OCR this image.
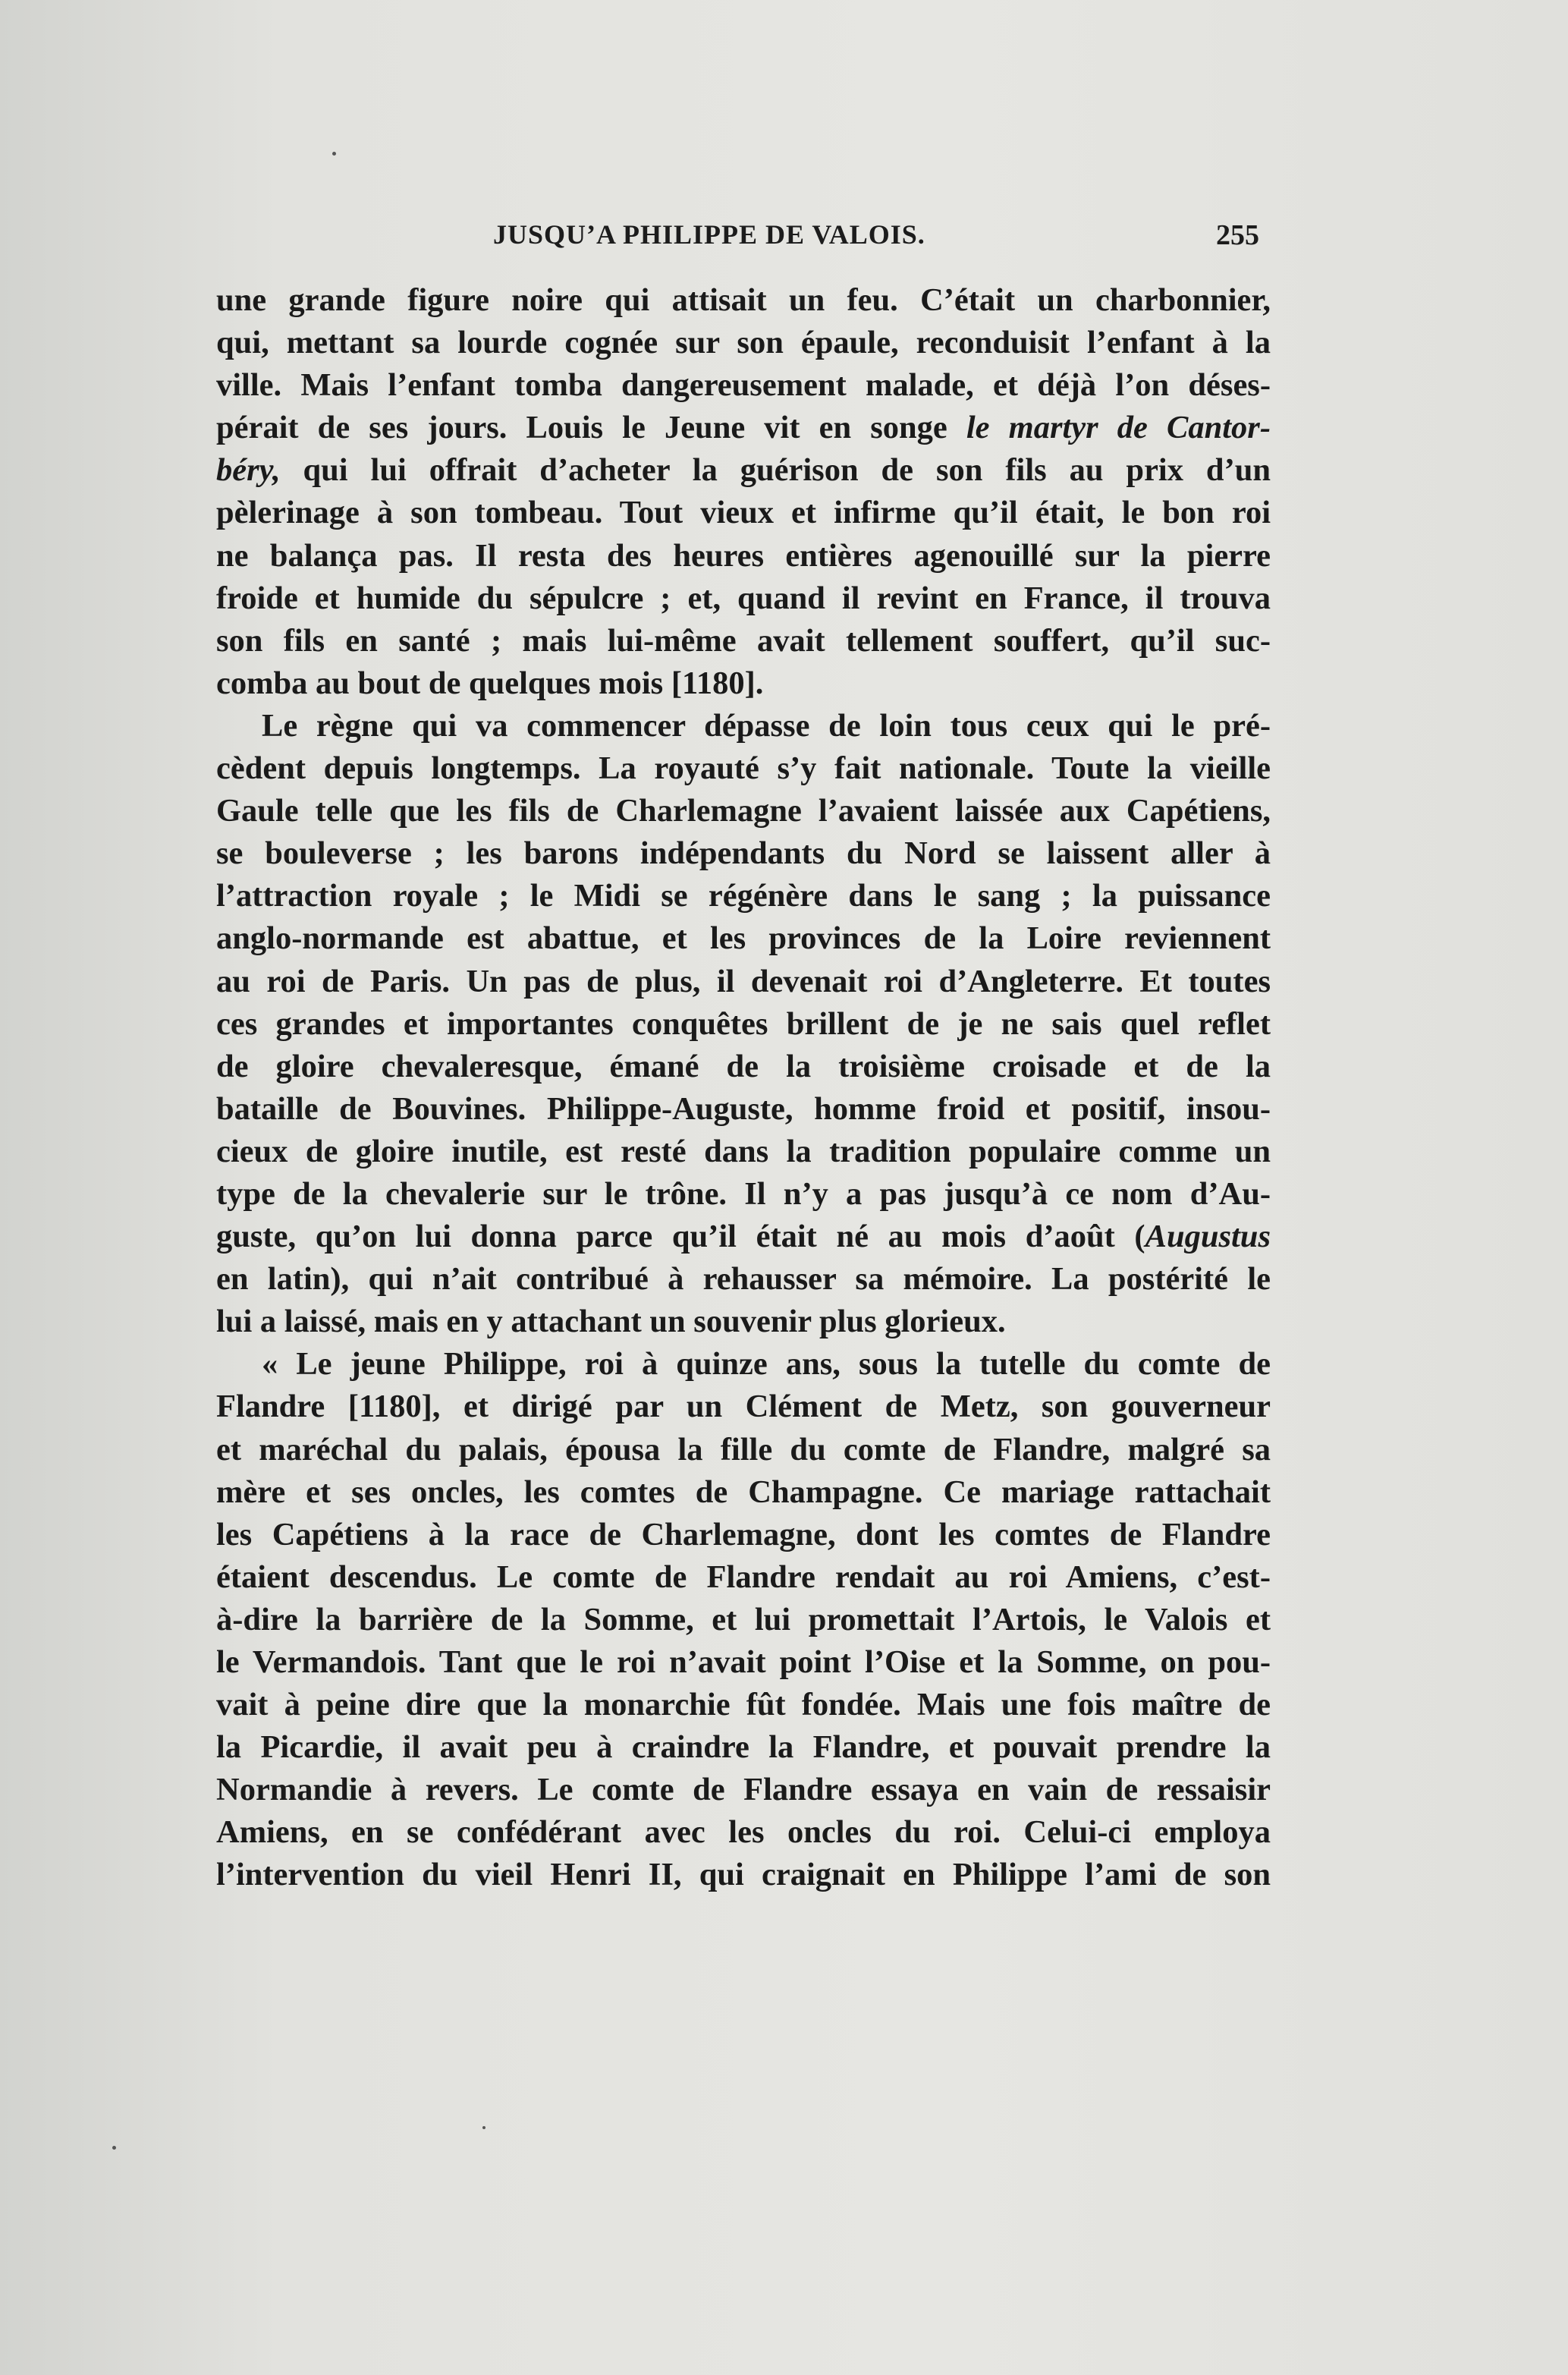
JUSQU’A PHILIPPE DE VALOIS.	255
une grande figure noire qui attisait un feu. C’était un charbonnier,
qui, mettant sa lourde cognée sur son épaule, reconduisit l’enfant à la
ville. Mais l’enfant tomba dangereusement malade, et déjà l’on déses-
pérait de ses jours. Louis le Jeune vit en songe le martyr de Cantor-
béry, qui lui offrait d’acheter la guérison de son fils au prix d’un
pèlerinage à son tombeau. Tout vieux et infirme qu’il était, le bon roi
ne balança pas. Il resta des heures entières agenouillé sur la pierre
froide et humide du sépulcre ; et, quand il revint en France, il trouva
son fils en santé ; mais lui-même avait tellement souffert, qu’il suc-
comba au bout de quelques mois [1180].
Le règne qui va commencer dépasse de loin tous ceux qui le pré-
cèdent depuis longtemps. La royauté s’y fait nationale. Toute la vieille
Gaule telle que les fils de Charlemagne l’avaient laissée aux Capétiens,
se bouleverse ; les barons indépendants du Nord se laissent aller à
l’attraction royale ; le Midi se régénère dans le sang ; la puissance
anglo-normande est abattue, et les provinces de la Loire reviennent
au roi de Paris. Un pas de plus, il devenait roi d’Angleterre. Et toutes
ces grandes et importantes conquêtes brillent de je ne sais quel reflet
de gloire chevaleresque, émané de la troisième croisade et de la
bataille de Bouvines. Philippe-Auguste, homme froid et positif, insou-
cieux de gloire inutile, est resté dans la tradition populaire comme un
type de la chevalerie sur le trône. Il n’y a pas jusqu’à ce nom d’Au-
guste, qu’on lui donna parce qu’il était né au mois d’août (Augustus
en latin), qui n’ait contribué à rehausser sa mémoire. La postérité le
lui a laissé, mais en y attachant un souvenir plus glorieux.
« Le jeune Philippe, roi à quinze ans, sous la tutelle du comte de
Flandre [1180], et dirigé par un Clément de Metz, son gouverneur
et maréchal du palais, épousa la fille du comte de Flandre, malgré sa
mère et ses oncles, les comtes de Champagne. Ce mariage rattachait
les Capétiens à la race de Charlemagne, dont les comtes de Flandre
étaient descendus. Le comte de Flandre rendait au roi Amiens, c’est-
à-dire la barrière de la Somme, et lui promettait l’Artois, le Valois et
le Vermandois. Tant que le roi n’avait point l’Oise et la Somme, on pou-
vait à peine dire que la monarchie fût fondée. Mais une fois maître de
la Picardie, il avait peu à craindre la Flandre, et pouvait prendre la
Normandie à revers. Le comte de Flandre essaya en vain de ressaisir
Amiens, en se confédérant avec les oncles du roi. Celui-ci employa
l’intervention du vieil Henri II, qui craignait en Philippe l’ami de son
